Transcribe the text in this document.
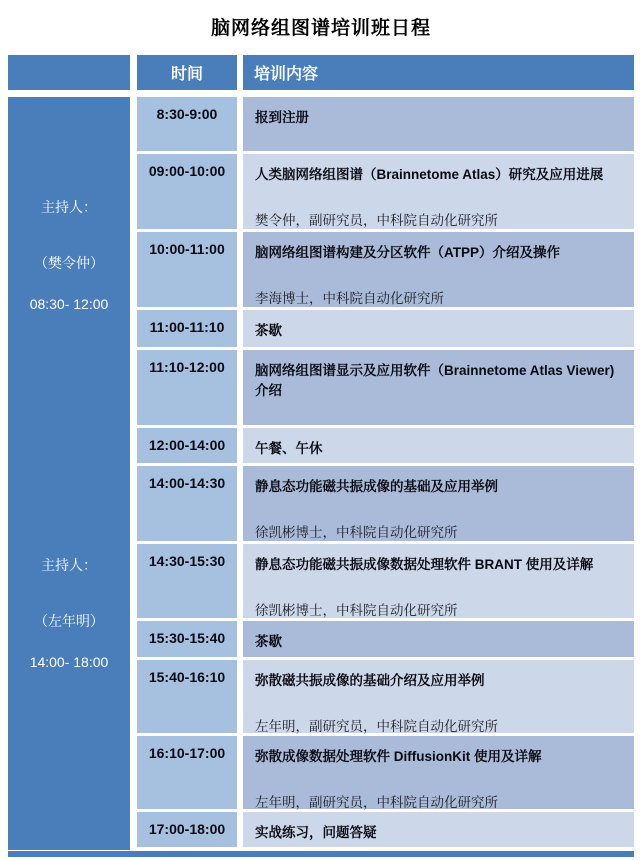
脑网络组图谱培训班日程
时间	培训内容
主持人：
（樊令仲）
08:30- 12:00
8:30-9:00	报到注册
09:00-10:00	人类脑网络组图谱（Brainnetome Atlas）研究及应用进展
樊令仲，副研究员，中科院自动化研究所
10:00-11:00	脑网络组图谱构建及分区软件（ATPP）介绍及操作
李海博士，中科院自动化研究所
11:00-11:10	茶歇
11:10-12:00	脑网络组图谱显示及应用软件（Brainnetome Atlas Viewer)介绍
12:00-14:00	午餐、午休
主持人：
（左年明）
14:00- 18:00
14:00-14:30	静息态功能磁共振成像的基础及应用举例
徐凯彬博士，中科院自动化研究所
14:30-15:30	静息态功能磁共振成像数据处理软件 BRANT 使用及详解
徐凯彬博士，中科院自动化研究所
15:30-15:40	茶歇
15:40-16:10	弥散磁共振成像的基础介绍及应用举例
左年明，副研究员，中科院自动化研究所
16:10-17:00	弥散成像数据处理软件 DiffusionKit 使用及详解
左年明，副研究员，中科院自动化研究所
17:00-18:00	实战练习，问题答疑
